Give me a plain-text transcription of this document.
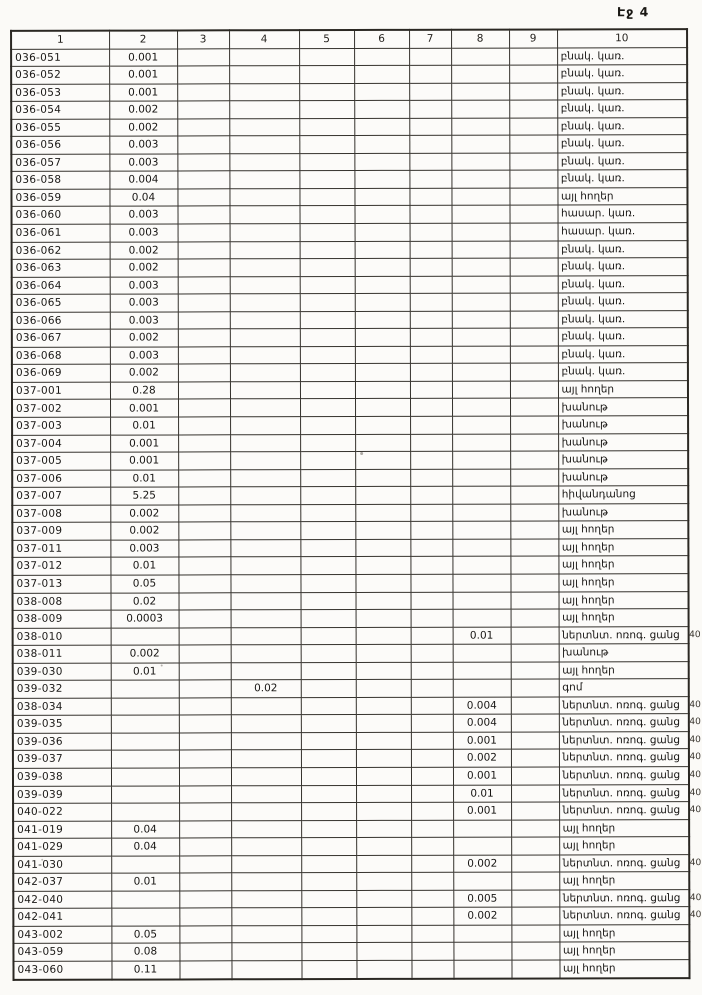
Էջ 4
1	2	3	4	5	6	7	8	9	10
036-051	0.001								բնակ. կառ.
036-052	0.001								բնակ. կառ.
036-053	0.001								բնակ. կառ.
036-054	0.002								բնակ. կառ.
036-055	0.002								բնակ. կառ.
036-056	0.003								բնակ. կառ.
036-057	0.003								բնակ. կառ.
036-058	0.004								բնակ. կառ.
036-059	0.04								այլ հողեր
036-060	0.003								հասար. կառ.
036-061	0.003								հասար. կառ.
036-062	0.002								բնակ. կառ.
036-063	0.002								բնակ. կառ.
036-064	0.003								բնակ. կառ.
036-065	0.003								բնակ. կառ.
036-066	0.003								բնակ. կառ.
036-067	0.002								բնակ. կառ.
036-068	0.003								բնակ. կառ.
036-069	0.002								բնակ. կառ.
037-001	0.28								այլ հողեր
037-002	0.001								խանութ
037-003	0.01								խանութ
037-004	0.001								խանութ
037-005	0.001								խանութ
037-006	0.01								խանութ
037-007	5.25								հիվանդանոց
037-008	0.002								խանութ
037-009	0.002								այլ հողեր
037-011	0.003								այլ հողեր
037-012	0.01								այլ հողեր
037-013	0.05								այլ հողեր
038-008	0.02								այլ հողեր
038-009	0.0003								այլ հողեր
038-010							0.01		ներտնտ. ոռոգ. ցանց 40

038-011	0.002								խանութ
039-030	0.01								այլ հողեր
039-032			0.02						գոմ
038-034							0.004		ներտնտ. ոռոգ. ցանց 40

039-035							0.004		ներտնտ. ոռոգ. ցանց 40

039-036							0.001		ներտնտ. ոռոգ. ցանց 40

039-037							0.002		ներտնտ. ոռոգ. ցանց 40

039-038							0.001		ներտնտ. ոռոգ. ցանց 40

039-039							0.01		ներտնտ. ոռոգ. ցանց 40

040-022							0.001		ներտնտ. ոռոգ. ցանց 40

041-019	0.04								այլ հողեր
041-029	0.04								այլ հողեր
041-030							0.002		ներտնտ. ոռոգ. ցանց 40

042-037	0.01								այլ հողեր
042-040							0.005		ներտնտ. ոռոգ. ցանց 40

042-041							0.002		ներտնտ. ոռոգ. ցանց 40

043-002	0.05								այլ հողեր
043-059	0.08								այլ հողեր
043-060	0.11								այլ հողեր
